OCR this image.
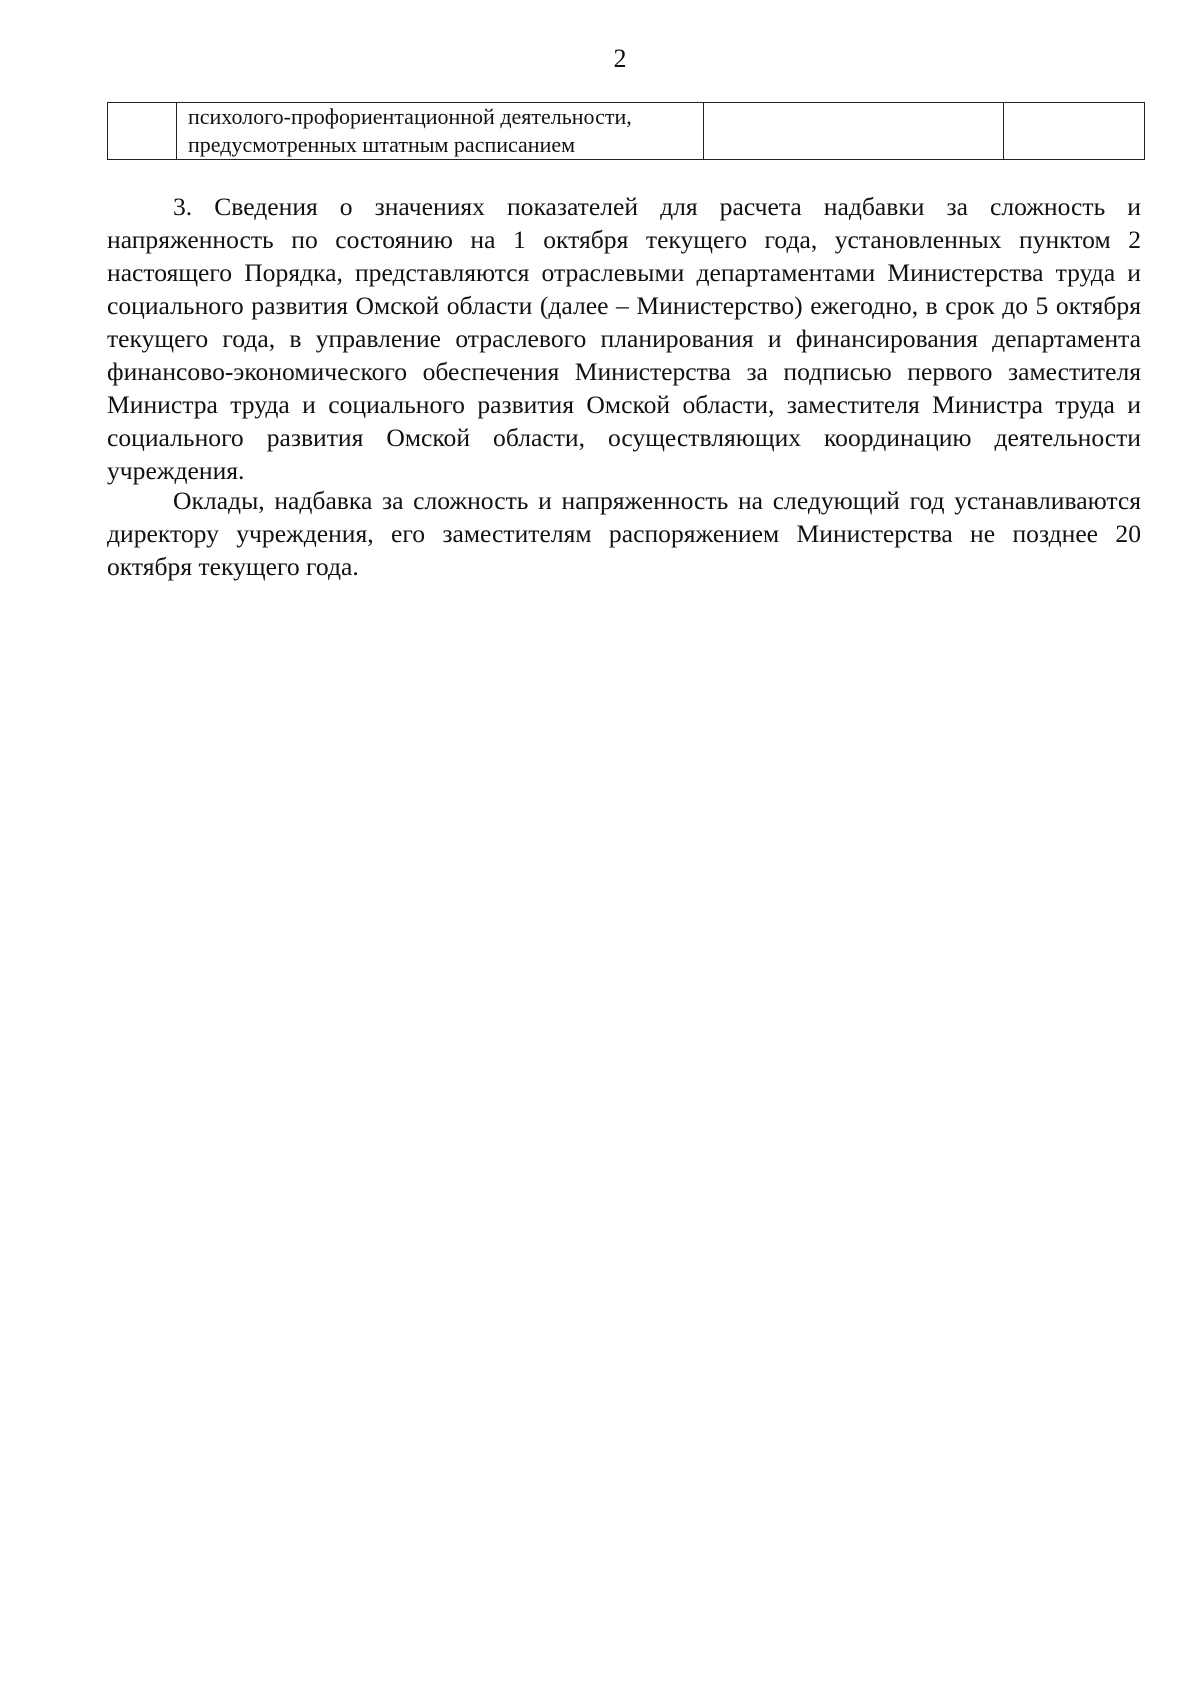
2

психолого-профориентационной деятельности,
предусмотренных штатным расписанием

3. Сведения о значениях показателей для расчета надбавки за сложность и напряженность по состоянию на 1 октября текущего года, установленных пунктом 2 настоящего Порядка, представляются отраслевыми департаментами Министерства труда и социального развития Омской области (далее – Министерство) ежегодно, в срок до 5 октября текущего года, в управление отраслевого планирования и финансирования департамента финансово-экономического обеспечения Министерства за подписью первого заместителя Министра труда и социального развития Омской области, заместителя Министра труда и социального развития Омской области, осуществляющих координацию деятельности учреждения.

Оклады, надбавка за сложность и напряженность на следующий год устанавливаются директору учреждения, его заместителям распоряжением Министерства не позднее 20 октября текущего года.
